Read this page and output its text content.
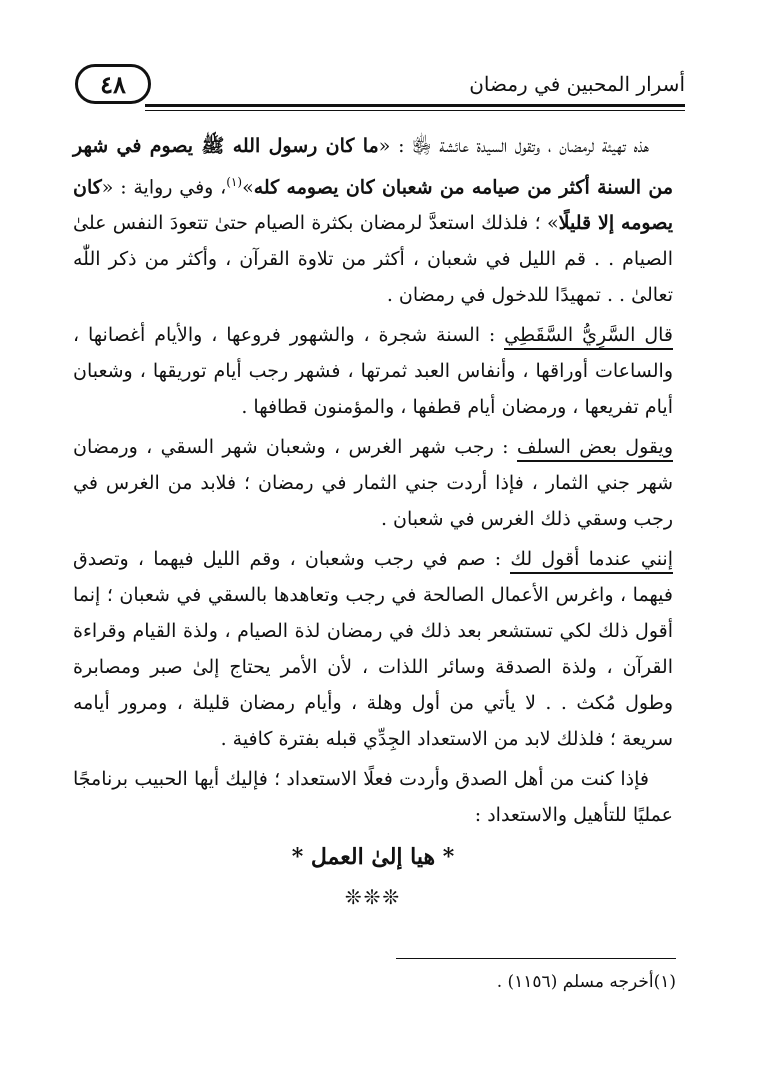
٤٨	أسرار المحبين في رمضان

هذه تهيئة لرمضان ، وتقول السيدة عائشة ﵂ : «ما كان رسول الله ﷺ يصوم في شهر من السنة أكثر من صيامه من شعبان كان يصومه كله»$^{(١)}$، وفي رواية : «كان يصومه إلا قليلًا» ؛ فلذلك استعدَّ لرمضان بكثرة الصيام حتىٰ تتعودَ النفس علىٰ الصيام . . قم الليل في شعبان ، أكثر من تلاوة القرآن ، وأكثر من ذكر اللّٰه تعالىٰ . . تمهيدًا للدخول في رمضان .

قال السَّرِيُّ السَّقَطِي : السنة شجرة ، والشهور فروعها ، والأيام أغصانها ، والساعات أوراقها ، وأنفاس العبد ثمرتها ، فشهر رجب أيام توريقها ، وشعبان أيام تفريعها ، ورمضان أيام قطفها ، والمؤمنون قطافها .

ويقول بعض السلف : رجب شهر الغرس ، وشعبان شهر السقي ، ورمضان شهر جني الثمار ، فإذا أردت جني الثمار في رمضان ؛ فلابد من الغرس في رجب وسقي ذلك الغرس في شعبان .

إنني عندما أقول لك : صم في رجب وشعبان ، وقم الليل فيهما ، وتصدق فيهما ، واغرس الأعمال الصالحة في رجب وتعاهدها بالسقي في شعبان ؛ إنما أقول ذلك لكي تستشعر بعد ذلك في رمضان لذة الصيام ، ولذة القيام وقراءة القرآن ، ولذة الصدقة وسائر اللذات ، لأن الأمر يحتاج إلىٰ صبر ومصابرة وطول مُكث . . لا يأتي من أول وهلة ، وأيام رمضان قليلة ، ومرور أيامه سريعة ؛ فلذلك لابد من الاستعداد الجِدِّي قبله بفترة كافية .

فإذا كنت من أهل الصدق وأردت فعلًا الاستعداد ؛ فإليك أيها الحبيب برنامجًا عمليًا للتأهيل والاستعداد :

* هيا إلىٰ العمل *

❊❊❊

(١)أخرجه مسلم (١١٥٦) .
